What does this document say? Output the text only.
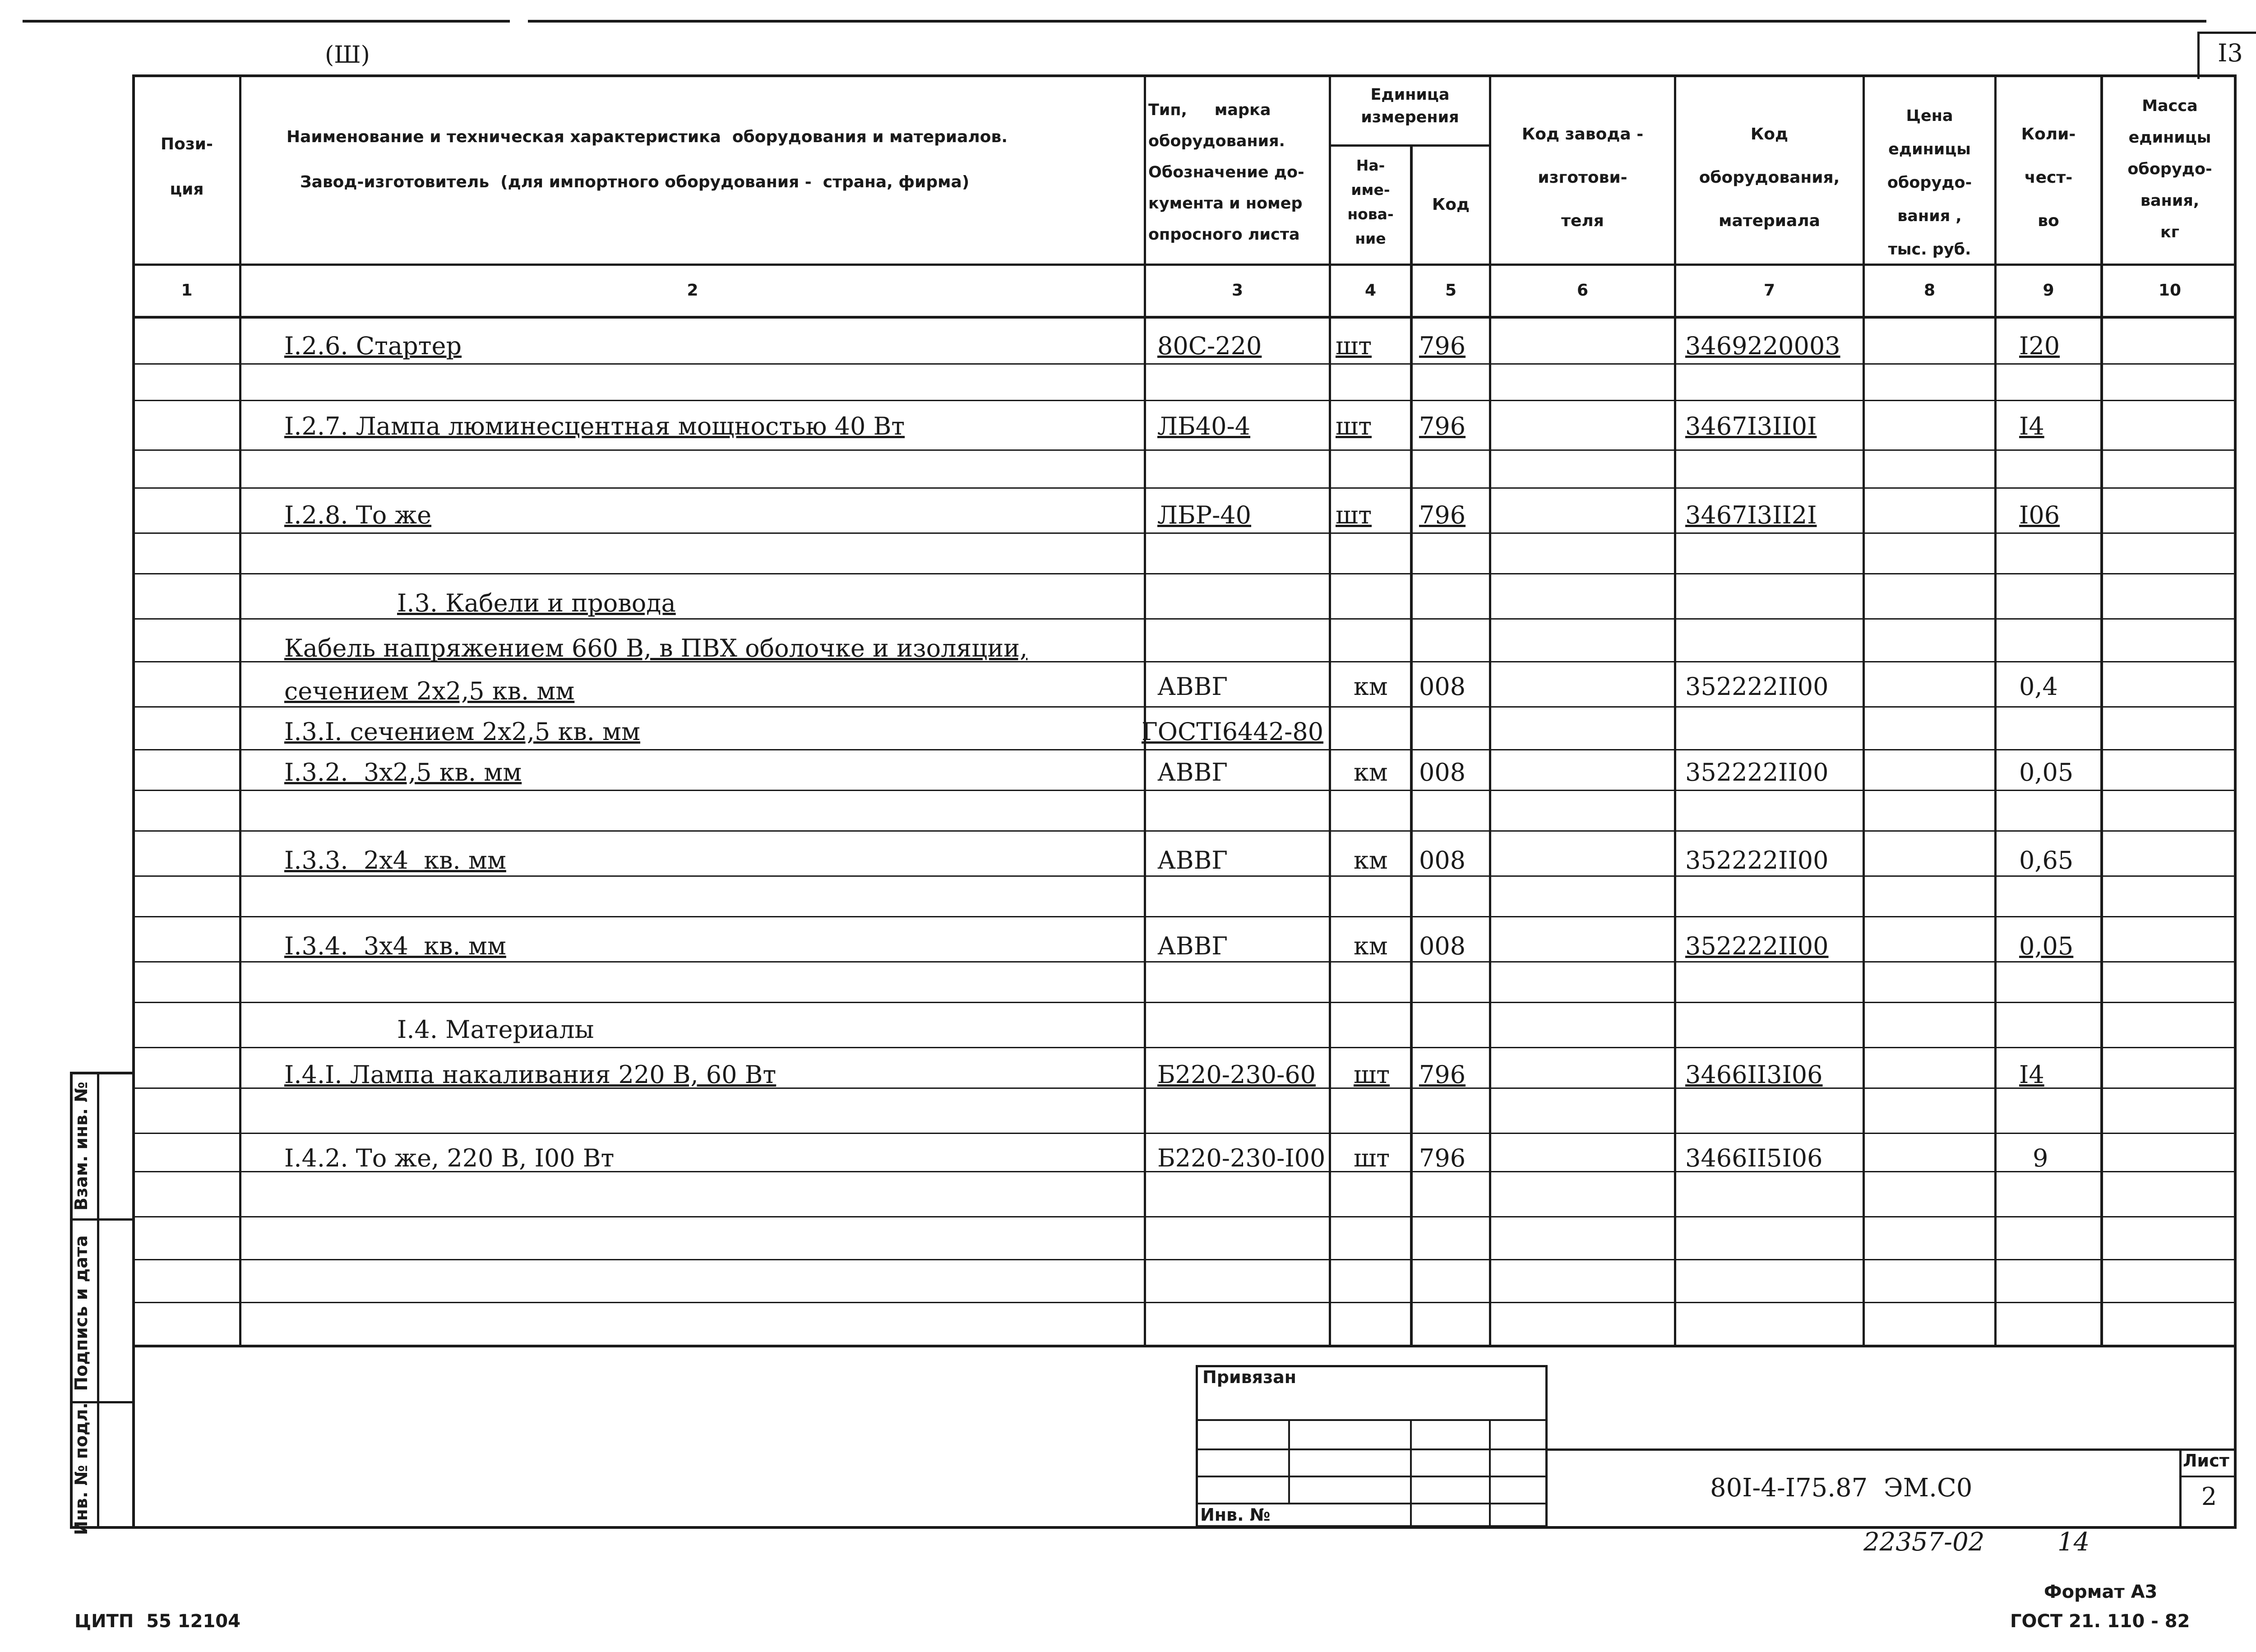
(Ш)	I3
Взам. инв. №
Подпись и дата
Инв. № подл.
Пози-
ция
Наименование и техническая характеристика  оборудования и материалов.
Завод-изготовитель  (для импортного оборудования -  страна, фирма)
Тип,     марка
оборудования.
Обозначение до-
кумента и номер
опросного листа
Единица
измерения
На-
име-
нова-
ние
Код
Код завода -
изготови-
теля
Код
оборудования,
материала
Цена
единицы
оборудо-
вания ,
тыс. руб.
Коли-
чест-
во
Масса
единицы
оборудо-
вания,
кг
1	2	3	4	5	6	7	8	9	10
I.2.6. Стартер	80С-220	шт 796	3469220003	I20
I.2.7. Лампа люминесцентная мощностью 40 Вт	ЛБ40-4	шт 796	3467I3II0I	I4
I.2.8. То же	ЛБР-40	шт 796	3467I3II2I	I06
I.3. Кабели и провода
Кабель напряжением 660 В, в ПВХ оболочке и изоляции,
сечением 2х2,5 кв. мм	АВВГ	км 008	352222II00	0,4
I.3.I. сечением 2х2,5 кв. мм	ГОСТI6442-80
I.3.2.  3х2,5 кв. мм	АВВГ	км 008	352222II00	0,05
I.3.3.  2х4  кв. мм	АВВГ	км 008	352222II00	0,65
I.3.4.  3х4  кв. мм	АВВГ	км 008	352222II00	0,05
I.4. Материалы
I.4.I. Лампа накаливания 220 В, 60 Вт	Б220-230-60 шт 796	3466II3I06	I4
I.4.2. То же, 220 В, I00 Вт	Б220-230-I00 шт 796	3466II5I06	9
Привязан
Инв. №
Лист
2
80I-4-I75.87  ЭМ.С0
22357-02	14
Формат А3
ЦИТП  55 12104	ГОСТ 21. 110 - 82
